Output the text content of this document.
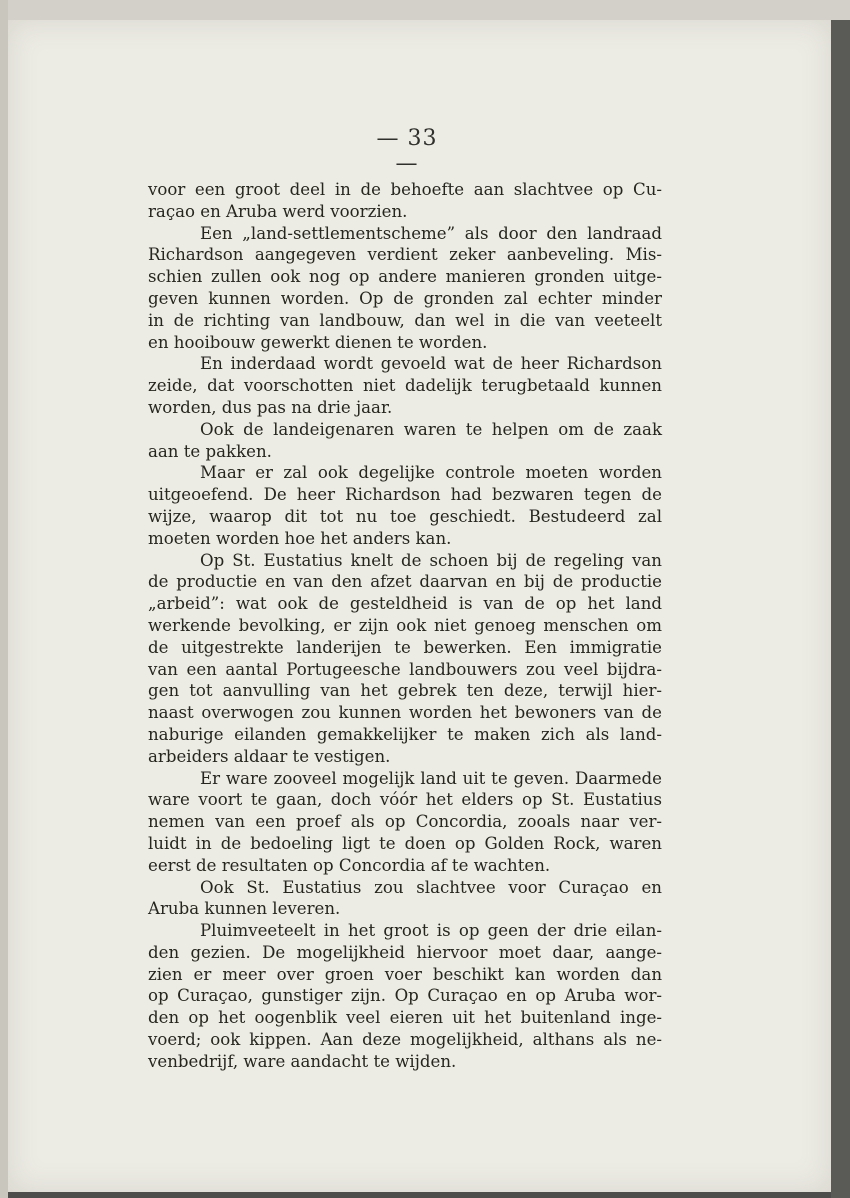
— 33 —
voor een groot deel in de behoefte aan slachtvee op Cu-
raçao en Aruba werd voorzien.
Een „land-settlementscheme” als door den landraad
Richardson aangegeven verdient zeker aanbeveling. Mis-
schien zullen ook nog op andere manieren gronden uitge-
geven kunnen worden. Op de gronden zal echter minder
in de richting van landbouw, dan wel in die van veeteelt
en hooibouw gewerkt dienen te worden.
En inderdaad wordt gevoeld wat de heer Richardson
zeide, dat voorschotten niet dadelijk terugbetaald kunnen
worden, dus pas na drie jaar.
Ook de landeigenaren waren te helpen om de zaak
aan te pakken.
Maar er zal ook degelijke controle moeten worden
uitgeoefend. De heer Richardson had bezwaren tegen de
wijze, waarop dit tot nu toe geschiedt. Bestudeerd zal
moeten worden hoe het anders kan.
Op St. Eustatius knelt de schoen bij de regeling van
de productie en van den afzet daarvan en bij de productie
„arbeid”: wat ook de gesteldheid is van de op het land
werkende bevolking, er zijn ook niet genoeg menschen om
de uitgestrekte landerijen te bewerken. Een immigratie
van een aantal Portugeesche landbouwers zou veel bijdra-
gen tot aanvulling van het gebrek ten deze, terwijl hier-
naast overwogen zou kunnen worden het bewoners van de
naburige eilanden gemakkelijker te maken zich als land-
arbeiders aldaar te vestigen.
Er ware zooveel mogelijk land uit te geven. Daarmede
ware voort te gaan, doch vóór het elders op St. Eustatius
nemen van een proef als op Concordia, zooals naar ver-
luidt in de bedoeling ligt te doen op Golden Rock, waren
eerst de resultaten op Concordia af te wachten.
Ook St. Eustatius zou slachtvee voor Curaçao en
Aruba kunnen leveren.
Pluimveeteelt in het groot is op geen der drie eilan-
den gezien. De mogelijkheid hiervoor moet daar, aange-
zien er meer over groen voer beschikt kan worden dan
op Curaçao, gunstiger zijn. Op Curaçao en op Aruba wor-
den op het oogenblik veel eieren uit het buitenland inge-
voerd; ook kippen. Aan deze mogelijkheid, althans als ne-
venbedrijf, ware aandacht te wijden.
